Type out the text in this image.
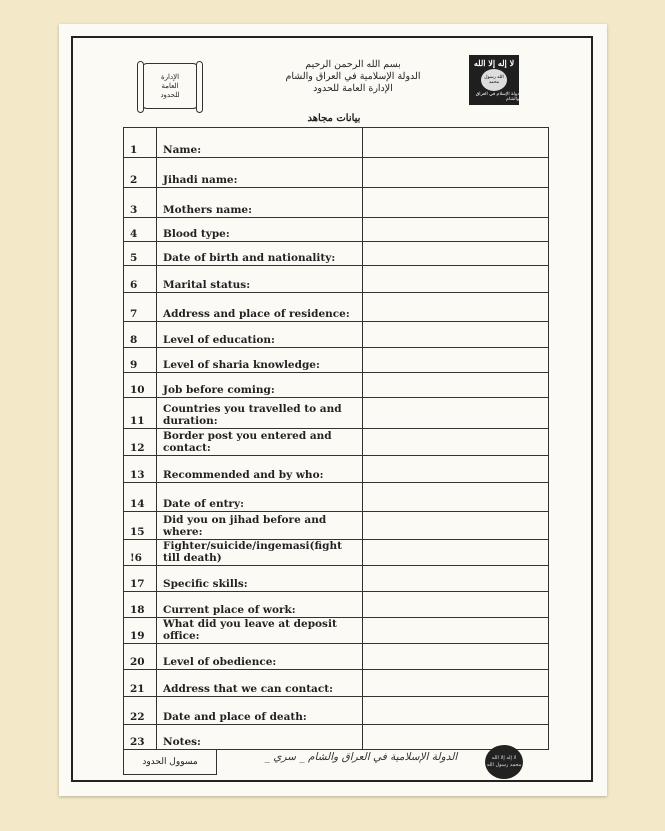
الإدارة
العامة
للحدود
بسم الله الرحمن الرحيم
الدولة الإسلامية في العراق والشام
الإدارة العامة للحدود
لا إله إلا الله
الله رسول محمد
دولة الإسلام في العراق والشام
بيانات مجاهد
1	Name:	
2	Jihadi name:	
3	Mothers name:	
4	Blood type:	
5	Date of birth and nationality:	
6	Marital status:	
7	Address and place of residence:	
8	Level of education:	
9	Level of sharia knowledge:	
10	Job before coming:	
11	Countries you travelled to and duration:	
12	Border post you entered and contact:	
13	Recommended and by who:	
14	Date of entry:	
15	Did you on jihad before and where:	
!6	Fighter/suicide/ingemasi(fight till death)	
17	Specific skills:	
18	Current place of work:	
19	What did you leave at deposit office:	
20	Level of obedience:	
21	Address that we can contact:	
22	Date and place of death:	
23	Notes:	
مسوول الحدود	الدولة الإسلامية في العراق والشام _ سري _	لا إله إلا الله
محمد رسول الله
